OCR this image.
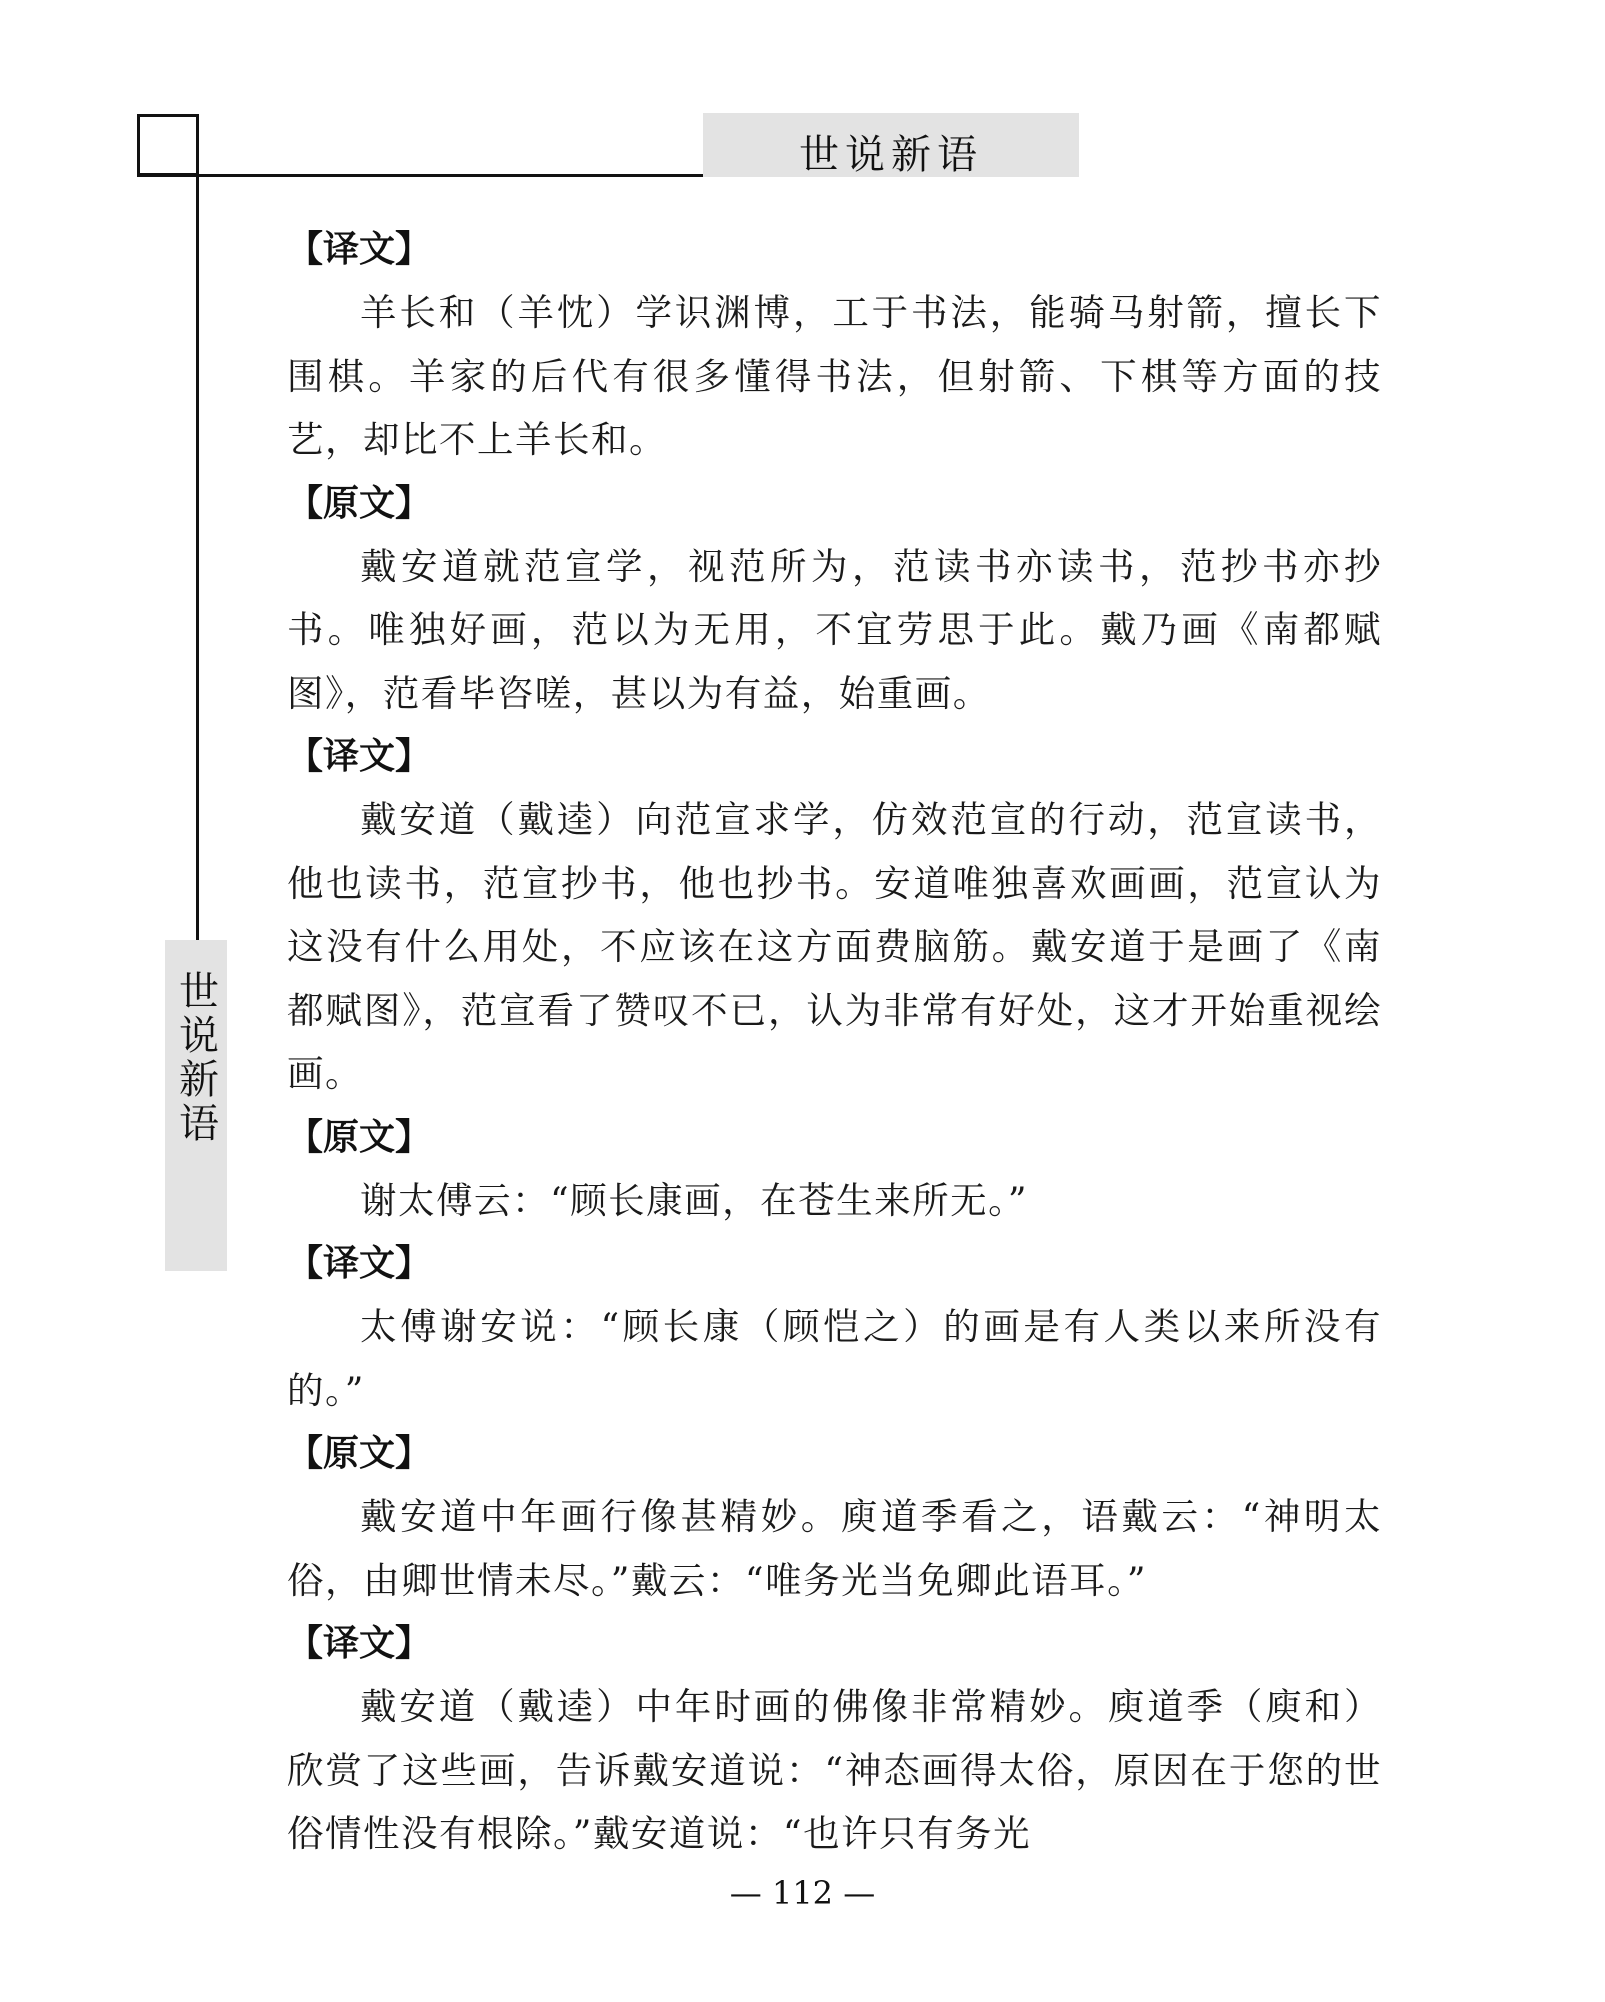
世说新语
世说新语
【译文】

羊长和（羊忱）学识渊博，工于书法，能骑马射箭，擅长下围棋。羊家的后代有很多懂得书法，但射箭、下棋等方面的技艺，却比不上羊长和。

【原文】

戴安道就范宣学，视范所为，范读书亦读书，范抄书亦抄书。唯独好画，范以为无用，不宜劳思于此。戴乃画《南都赋图》，范看毕咨嗟，甚以为有益，始重画。

【译文】

戴安道（戴逵）向范宣求学，仿效范宣的行动，范宣读书，他也读书，范宣抄书，他也抄书。安道唯独喜欢画画，范宣认为这没有什么用处，不应该在这方面费脑筋。戴安道于是画了《南都赋图》，范宣看了赞叹不已，认为非常有好处，这才开始重视绘画。

【原文】

谢太傅云：“顾长康画，在苍生来所无。”

【译文】

太傅谢安说：“顾长康（顾恺之）的画是有人类以来所没有的。”

【原文】

戴安道中年画行像甚精妙。庾道季看之，语戴云：“神明太俗，由卿世情未尽。”戴云：“唯务光当免卿此语耳。”

【译文】

戴安道（戴逵）中年时画的佛像非常精妙。庾道季（庾和）欣赏了这些画，告诉戴安道说：“神态画得太俗，原因在于您的世俗情性没有根除。”戴安道说：“也许只有务光

— 112 —
